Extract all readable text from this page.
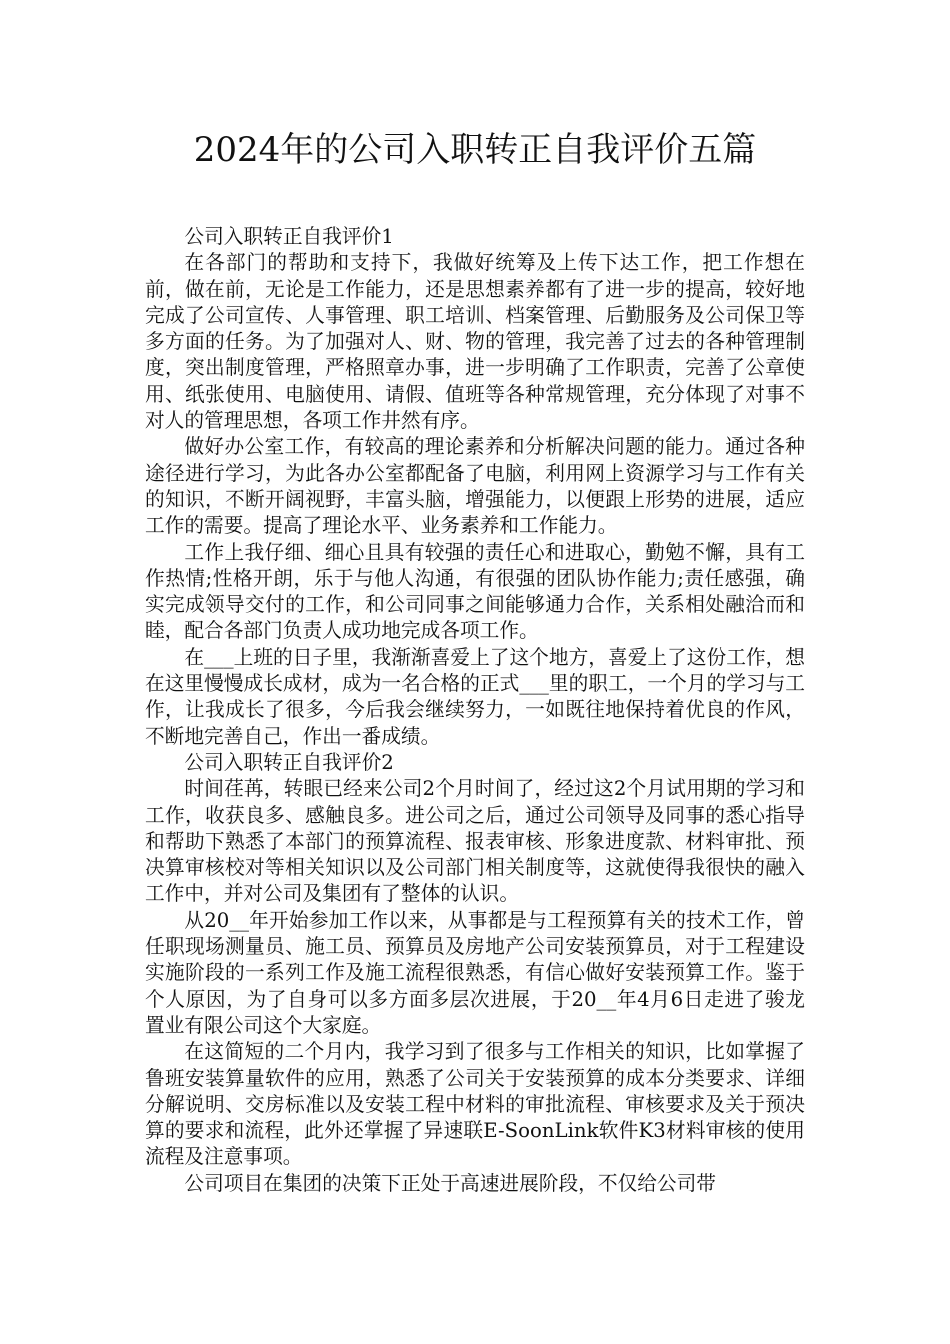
2024年的公司入职转正自我评价五篇

公司入职转正自我评价1

在各部门的帮助和支持下，我做好统筹及上传下达工作，把工作想在前，做在前，无论是工作能力，还是思想素养都有了进一步的提高，较好地完成了公司宣传、人事管理、职工培训、档案管理、后勤服务及公司保卫等多方面的任务。为了加强对人、财、物的管理，我完善了过去的各种管理制度，突出制度管理，严格照章办事，进一步明确了工作职责，完善了公章使用、纸张使用、电脑使用、请假、值班等各种常规管理，充分体现了对事不对人的管理思想，各项工作井然有序。

做好办公室工作，有较高的理论素养和分析解决问题的能力。通过各种途径进行学习，为此各办公室都配备了电脑，利用网上资源学习与工作有关的知识，不断开阔视野，丰富头脑，增强能力，以便跟上形势的进展，适应工作的需要。提高了理论水平、业务素养和工作能力。

工作上我仔细、细心且具有较强的责任心和进取心，勤勉不懈，具有工作热情;性格开朗，乐于与他人沟通，有很强的团队协作能力;责任感强，确实完成领导交付的工作，和公司同事之间能够通力合作，关系相处融洽而和睦，配合各部门负责人成功地完成各项工作。

在___上班的日子里，我渐渐喜爱上了这个地方，喜爱上了这份工作，想在这里慢慢成长成材，成为一名合格的正式___里的职工，一个月的学习与工作，让我成长了很多，今后我会继续努力，一如既往地保持着优良的作风，不断地完善自己，作出一番成绩。

公司入职转正自我评价2

时间荏苒，转眼已经来公司2个月时间了，经过这2个月试用期的学习和工作，收获良多、感触良多。进公司之后，通过公司领导及同事的悉心指导和帮助下熟悉了本部门的预算流程、报表审核、形象进度款、材料审批、预决算审核校对等相关知识以及公司部门相关制度等，这就使得我很快的融入工作中，并对公司及集团有了整体的认识。

从20__年开始参加工作以来，从事都是与工程预算有关的技术工作，曾任职现场测量员、施工员、预算员及房地产公司安装预算员，对于工程建设实施阶段的一系列工作及施工流程很熟悉，有信心做好安装预算工作。鉴于个人原因，为了自身可以多方面多层次进展，于20__年4月6日走进了骏龙置业有限公司这个大家庭。

在这简短的二个月内，我学习到了很多与工作相关的知识，比如掌握了鲁班安装算量软件的应用，熟悉了公司关于安装预算的成本分类要求、详细分解说明、交房标准以及安装工程中材料的审批流程、审核要求及关于预决算的要求和流程，此外还掌握了异速联E-SoonLink软件K3材料审核的使用流程及注意事项。

公司项目在集团的决策下正处于高速进展阶段，不仅给公司带
